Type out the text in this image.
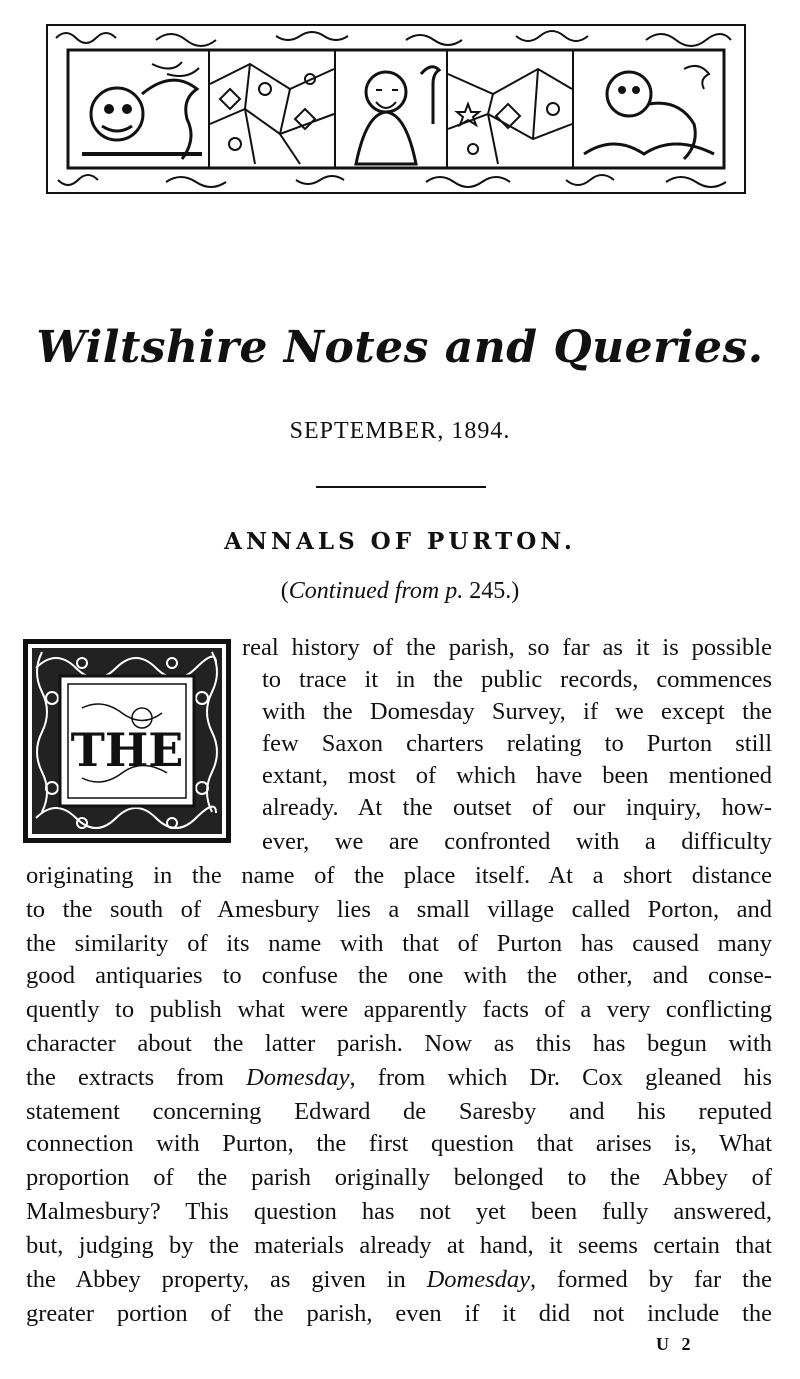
Wiltshire Notes and Queries.
SEPTEMBER, 1894.
ANNALS OF PURTON.
(Continued from p. 245.)
THE
real history of the parish, so far as it is possible
to trace it in the public records, commences
with the Domesday Survey, if we except the
few Saxon charters relating to Purton still
extant, most of which have been mentioned
already. At the outset of our inquiry, how-
ever, we are confronted with a difficulty
originating in the name of the place itself. At a short distance
to the south of Amesbury lies a small village called Porton, and
the similarity of its name with that of Purton has caused many
good antiquaries to confuse the one with the other, and conse-
quently to publish what were apparently facts of a very conflicting
character about the latter parish. Now as this has begun with
the extracts from Domesday, from which Dr. Cox gleaned his
statement concerning Edward de Saresby and his reputed
connection with Purton, the first question that arises is, What
proportion of the parish originally belonged to the Abbey of
Malmesbury? This question has not yet been fully answered,
but, judging by the materials already at hand, it seems certain that
the Abbey property, as given in Domesday, formed by far the
greater portion of the parish, even if it did not include the
U 2
